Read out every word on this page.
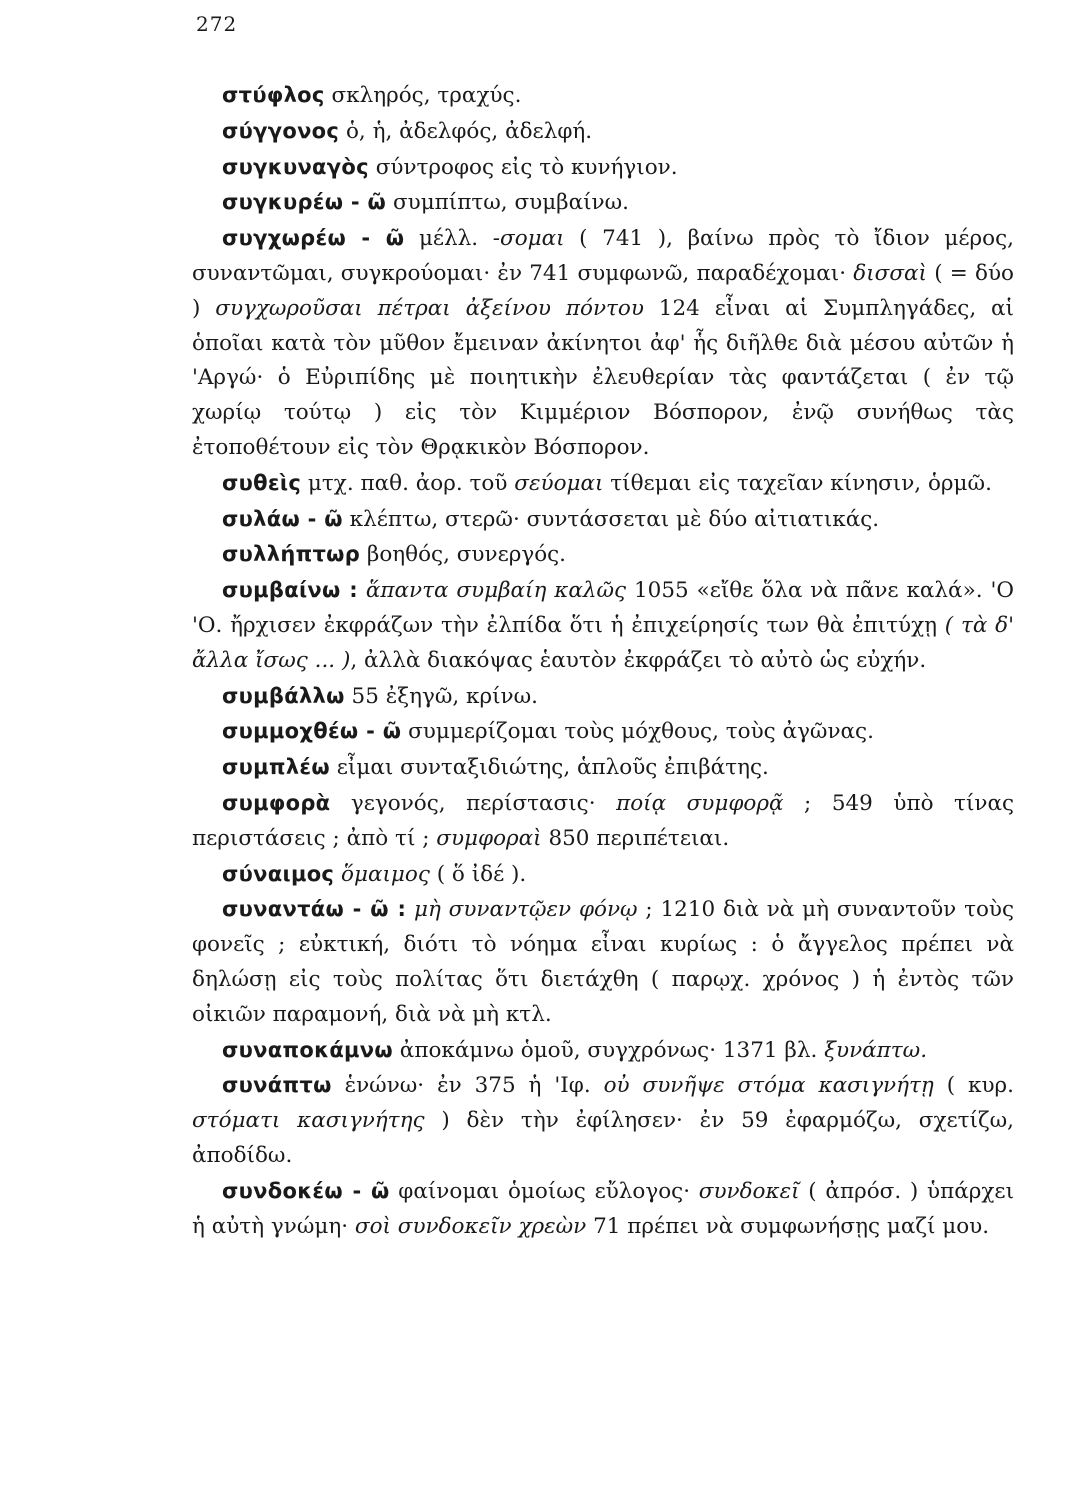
272

στύφλος σκληρός, τραχύς.

σύγγονος ὁ, ἡ, ἀδελφός, ἀδελφή.

συγκυναγὸς σύντροφος εἰς τὸ κυνήγιον.

συγκυρέω - ῶ συμπίπτω, συμβαίνω.

συγχωρέω - ῶ μέλλ. -σομαι ( 741 ), βαίνω πρὸς τὸ ἴδιον μέρος, συναντῶμαι, συγκρούομαι· ἐν 741 συμφωνῶ, παραδέχομαι· δισσαὶ ( = δύο ) συγχωροῦσαι πέτραι ἀξείνου πόντου 124 εἶναι αἱ Συμπληγάδες, αἱ ὁποῖαι κατὰ τὸν μῦθον ἔμειναν ἀκίνητοι ἀφ' ἧς διῆλθε διὰ μέσου αὐτῶν ἡ 'Αργώ· ὁ Εὐριπίδης μὲ ποιητικὴν ἐλευθερίαν τὰς φαντάζεται ( ἐν τῷ χωρίῳ τούτῳ ) εἰς τὸν Κιμμέριον Βόσπορον, ἐνῷ συνήθως τὰς ἐτοποθέτουν εἰς τὸν Θρᾳκικὸν Βόσπορον.

συθεὶς μτχ. παθ. ἀορ. τοῦ σεύομαι τίθεμαι εἰς ταχεῖαν κίνησιν, ὁρμῶ.

συλάω - ῶ κλέπτω, στερῶ· συντάσσεται μὲ δύο αἰτιατικάς.

συλλήπτωρ βοηθός, συνεργός.

συμβαίνω : ἅπαντα συμβαίη καλῶς 1055 «εἴθε ὅλα νὰ πᾶνε καλά». 'Ο 'Ο. ἤρχισεν ἐκφράζων τὴν ἐλπίδα ὅτι ἡ ἐπιχείρησίς των θὰ ἐπιτύχῃ ( τὰ δ' ἄλλα ἴσως ... ), ἀλλὰ διακόψας ἑαυτὸν ἐκφράζει τὸ αὐτὸ ὡς εὐχήν.

συμβάλλω 55 ἐξηγῶ, κρίνω.

συμμοχθέω - ῶ συμμερίζομαι τοὺς μόχθους, τοὺς ἀγῶνας.

συμπλέω εἶμαι συνταξιδιώτης, ἁπλοῦς ἐπιβάτης.

συμφορὰ γεγονός, περίστασις· ποίᾳ συμφορᾷ ; 549 ὑπὸ τίνας περιστάσεις ; ἀπὸ τί ; συμφοραὶ 850 περιπέτειαι.

σύναιμος ὅμαιμος ( ὅ ἰδέ ).

συναντάω - ῶ : μὴ συναντῷεν φόνῳ ; 1210 διὰ νὰ μὴ συναντοῦν τοὺς φονεῖς ; εὐκτική, διότι τὸ νόημα εἶναι κυρίως : ὁ ἄγγελος πρέπει νὰ δηλώσῃ εἰς τοὺς πολίτας ὅτι διετάχθη ( παρῳχ. χρόνος ) ἡ ἐντὸς τῶν οἰκιῶν παραμονή, διὰ νὰ μὴ κτλ.

συναποκάμνω ἀποκάμνω ὁμοῦ, συγχρόνως· 1371 βλ. ξυνάπτω.

συνάπτω ἑνώνω· ἐν 375 ἡ 'Ιφ. οὐ συνῆψε στόμα κασιγνήτῃ ( κυρ. στόματι κασιγνήτης ) δὲν τὴν ἐφίλησεν· ἐν 59 ἐφαρμόζω, σχετίζω, ἀποδίδω.

συνδοκέω - ῶ φαίνομαι ὁμοίως εὔλογος· συνδοκεῖ ( ἀπρόσ. ) ὑπάρχει ἡ αὐτὴ γνώμη· σοὶ συνδοκεῖν χρεὼν 71 πρέπει νὰ συμφωνήσῃς μαζί μου.
